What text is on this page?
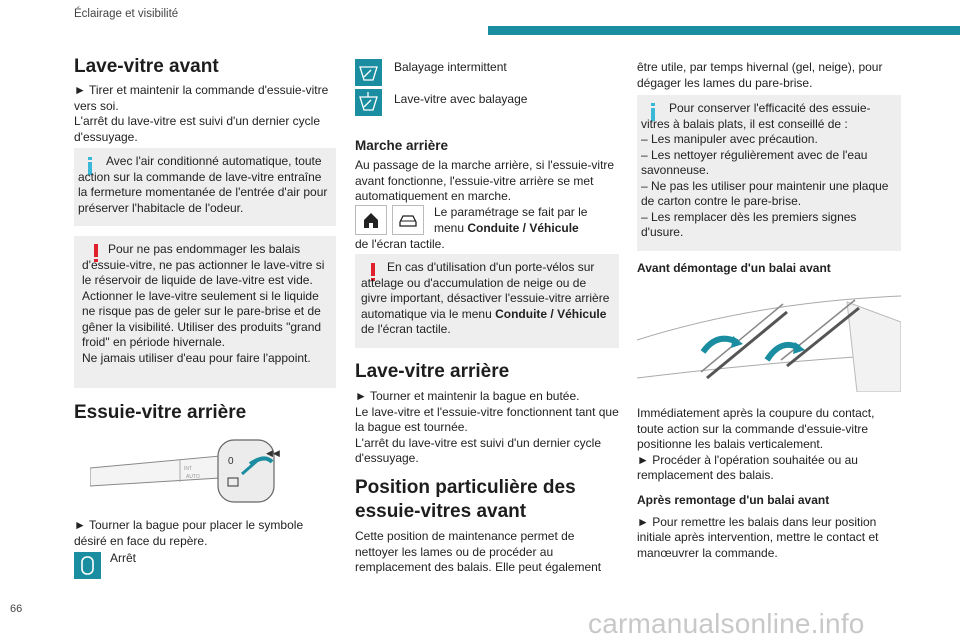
Éclairage et visibilité
66	carmanualsonline.info
Lave-vitre avant

► Tirer et maintenir la commande d'essuie-vitre vers soi.

L'arrêt du lave-vitre est suivi d'un dernier cycle d'essuyage.

Avec l'air conditionné automatique, toute action sur la commande de lave-vitre entraîne la fermeture momentanée de l'entrée d'air pour préserver l'habitacle de l'odeur.

Pour ne pas endommager les balais d'essuie-vitre, ne pas actionner le lave-vitre si le réservoir de liquide de lave-vitre est vide.

Actionner le lave-vitre seulement si le liquide ne risque pas de geler sur le pare-brise et de gêner la visibilité. Utiliser des produits "grand froid" en période hivernale.

Ne jamais utiliser d'eau pour faire l'appoint.

Essuie-vitre arrière
INT
AUTO
0
◀◀

► Tourner la bague pour placer le symbole désiré en face du repère.

Arrêt
Balayage intermittent
Lave-vitre avec balayage
Marche arrière

Au passage de la marche arrière, si l'essuie-vitre avant fonctionne, l'essuie-vitre arrière se met automatiquement en marche.

Le paramétrage se fait par le menu Conduite / Véhicule
de l'écran tactile.
En cas d'utilisation d'un porte-vélos sur attelage ou d'accumulation de neige ou de givre important, désactiver l'essuie-vitre arrière automatique via le menu Conduite / Véhicule de l'écran tactile.
Lave-vitre arrière

► Tourner et maintenir la bague en butée.

Le lave-vitre et l'essuie-vitre fonctionnent tant que la bague est tournée.

L'arrêt du lave-vitre est suivi d'un dernier cycle d'essuyage.

Position particulière des essuie-vitres avant

Cette position de maintenance permet de nettoyer les lames ou de procéder au remplacement des balais. Elle peut également

être utile, par temps hivernal (gel, neige), pour dégager les lames du pare-brise.

Pour conserver l'efficacité des essuie-vitres à balais plats, il est conseillé de :

– Les manipuler avec précaution.

– Les nettoyer régulièrement avec de l'eau savonneuse.

– Ne pas les utiliser pour maintenir une plaque de carton contre le pare-brise.

– Les remplacer dès les premiers signes d'usure.

Avant démontage d'un balai avant

Immédiatement après la coupure du contact, toute action sur la commande d'essuie-vitre positionne les balais verticalement.

► Procéder à l'opération souhaitée ou au remplacement des balais.

Après remontage d'un balai avant

► Pour remettre les balais dans leur position initiale après intervention, mettre le contact et manœuvrer la commande.
